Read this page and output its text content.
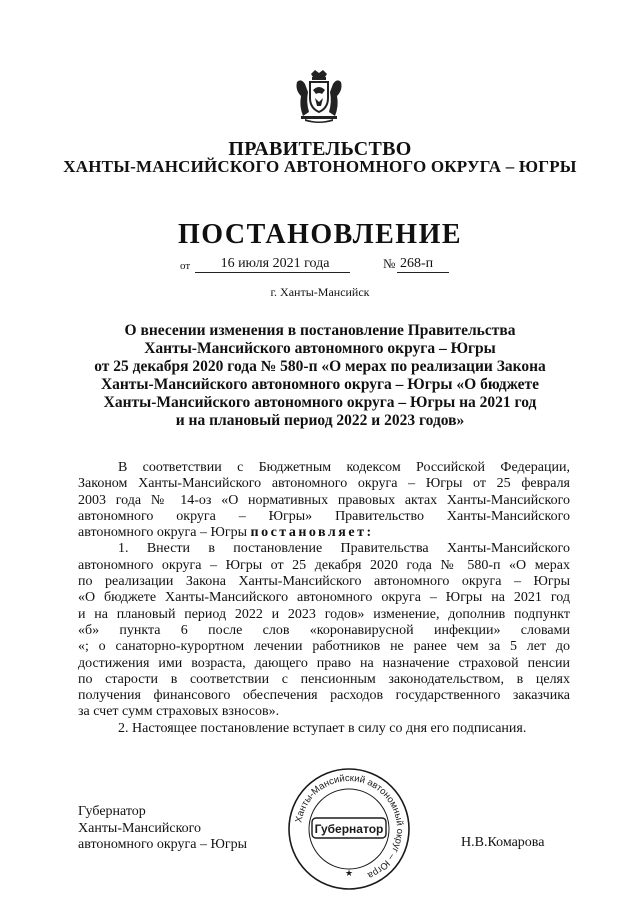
ПРАВИТЕЛЬСТВО
ХАНТЫ-МАНСИЙСКОГО АВТОНОМНОГО ОКРУГА – ЮГРЫ
ПОСТАНОВЛЕНИЕ
от	16 июля 2021 года	№ 268-п
г. Ханты-Мансийск
О внесении изменения в постановление Правительства
Ханты-Мансийского автономного округа – Югры
от 25 декабря 2020 года № 580-п «О мерах по реализации Закона
Ханты-Мансийского автономного округа – Югры «О бюджете
Ханты-Мансийского автономного округа – Югры на 2021 год
и на плановый период 2022 и 2023 годов»
В соответствии с Бюджетным кодексом Российской Федерации,
Законом Ханты-Мансийского автономного округа – Югры от 25 февраля
2003 года № 14-оз «О нормативных правовых актах Ханты-Мансийского
автономного округа – Югры» Правительство Ханты-Мансийского
автономного округа – Югры постановляет:
1. Внести в постановление Правительства Ханты-Мансийского
автономного округа – Югры от 25 декабря 2020 года № 580-п «О мерах
по реализации Закона Ханты-Мансийского автономного округа – Югры
«О бюджете Ханты-Мансийского автономного округа – Югры на 2021 год
и на плановый период 2022 и 2023 годов» изменение, дополнив подпункт
«б» пункта 6 после слов «коронавирусной инфекции» словами
«; о санаторно-курортном лечении работников не ранее чем за 5 лет до
достижения ими возраста, дающего право на назначение страховой пенсии
по старости в соответствии с пенсионным законодательством, в целях
получения финансового обеспечения расходов государственного заказчика
за счет сумм страховых взносов».
2. Настоящее постановление вступает в силу со дня его подписания.
Губернатор
Ханты-Мансийского
автономного округа – Югры
Ханты-Мансийский автономный округ – Югра
Губернатор
★
Н.В.Комарова
